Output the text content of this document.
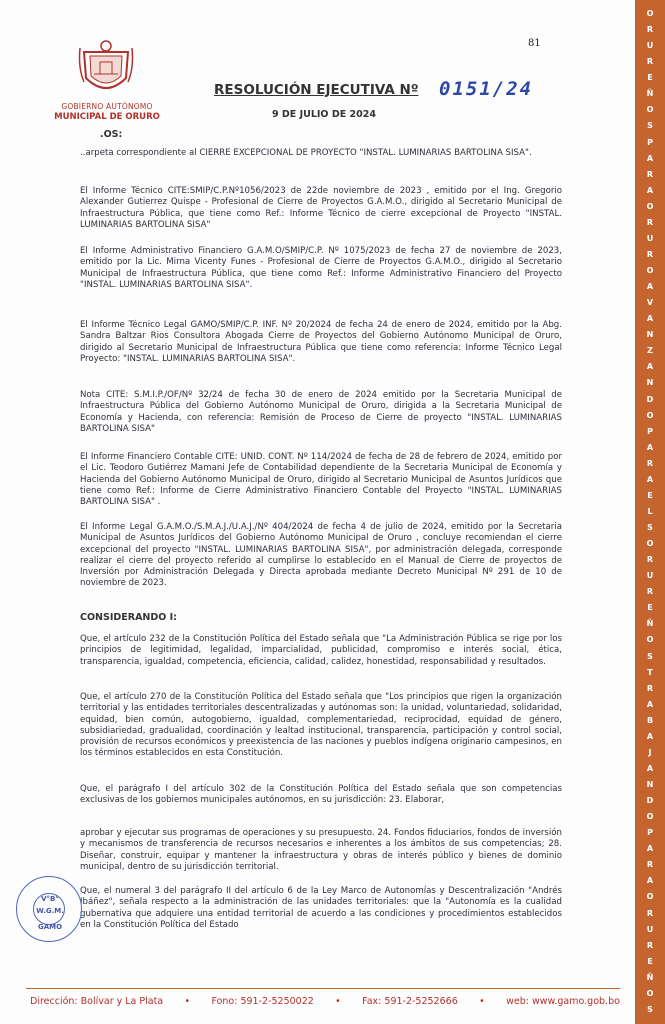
81
GOBIERNO AUTÓNOMO
MUNICIPAL DE ORURO
RESOLUCIÓN EJECUTIVA Nº 0151/24
9 DE JULIO DE 2024
.OS:
..arpeta correspondiente al CIERRE EXCEPCIONAL DE PROYECTO "INSTAL. LUMINARIAS BARTOLINA SISA".
El Informe Técnico CITE:SMIP/C.P.Nº1056/2023 de 22de noviembre de 2023 , emitido por el Ing. Gregorio Alexander Gutierrez Quispe - Profesional de Cierre de Proyectos G.A.M.O., dirigido al Secretario Municipal de Infraestructura Pública, que tiene como Ref.: Informe Técnico de cierre excepcional de Proyecto "INSTAL. LUMINARIAS BARTOLINA SISA"
El Informe Administrativo Financiero G.A.M.O/SMIP/C.P. Nº 1075/2023 de fecha 27 de noviembre de 2023, emitido por la Lic. Mirna Vicenty Funes - Profesional de Cierre de Proyectos G.A.M.O., dirigido al Secretario Municipal de Infraestructura Pública, que tiene como Ref.: Informe Administrativo Financiero del Proyecto "INSTAL. LUMINARIAS BARTOLINA SISA".
El Informe Técnico Legal GAMO/SMIP/C.P. INF. Nº 20/2024 de fecha 24 de enero de 2024, emitido por la Abg. Sandra Baltzar Rios Consultora Abogada Cierre de Proyectos del Gobierno Autónomo Municipal de Oruro, dirigido al Secretario Municipal de Infraestructura Pública que tiene como referencia: Informe Técnico Legal Proyecto: "INSTAL. LUMINARIAS BARTOLINA SISA".
Nota CITE: S.M.I.P./OF/Nº 32/24 de fecha 30 de enero de 2024 emitido por la Secretaria Municipal de Infraestructura Pública del Gobierno Autónomo Municipal de Oruro, dirigida a la Secretaria Municipal de Economía y Hacienda, con referencia: Remisión de Proceso de Cierre de proyecto "INSTAL. LUMINARIAS BARTOLINA SISA"
El Informe Financiero Contable CITE: UNID. CONT. Nº 114/2024 de fecha de 28 de febrero de 2024, emitido por el Lic. Teodoro Gutiérrez Mamani Jefe de Contabilidad dependiente de la Secretaria Municipal de Economía y Hacienda del Gobierno Autónomo Municipal de Oruro, dirigido al Secretario Municipal de Asuntos Jurídicos que tiene como Ref.: Informe de Cierre Administrativo Financiero Contable del Proyecto "INSTAL. LUMINARIAS BARTOLINA SISA" .
El Informe Legal G.A.M.O./S.M.A.J./U.A.J./Nº 404/2024 de fecha 4 de julio de 2024, emitido por la Secretaria Municipal de Asuntos Jurídicos del Gobierno Autónomo Municipal de Oruro , concluye recomiendan el cierre excepcional del proyecto "INSTAL. LUMINARIAS BARTOLINA SISA", por administración delegada, corresponde realizar el cierre del proyecto referido al cumplirse lo establecido en el Manual de Cierre de proyectos de Inversión por Administración Delegada y Directa aprobada mediante Decreto Municipal Nº 291 de 10 de noviembre de 2023.
CONSIDERANDO I:
Que, el artículo 232 de la Constitución Política del Estado señala que "La Administración Pública se rige por los principios de legitimidad, legalidad, imparcialidad, publicidad, compromiso e interés social, ética, transparencia, igualdad, competencia, eficiencia, calidad, calidez, honestidad, responsabilidad y resultados.
Que, el artículo 270 de la Constitución Política del Estado señala que "Los principios que rigen la organización territorial y las entidades territoriales descentralizadas y autónomas son: la unidad, voluntariedad, solidaridad, equidad, bien común, autogobierno, igualdad, complementariedad, reciprocidad, equidad de género, subsidiariedad, gradualidad, coordinación y lealtad institucional, transparencia, participación y control social, provisión de recursos económicos y preexistencia de las naciones y pueblos indígena originario campesinos, en los términos establecidos en esta Constitución.
Que, el parágrafo I del artículo 302 de la Constitución Política del Estado señala que son competencias exclusivas de los gobiernos municipales autónomos, en su jurisdicción: 23. Elaborar,
aprobar y ejecutar sus programas de operaciones y su presupuesto. 24. Fondos fiduciarios, fondos de inversión y mecanismos de transferencia de recursos necesarios e inherentes a los ámbitos de sus competencias; 28. Diseñar, construir, equipar y mantener la infraestructura y obras de interés público y bienes de dominio municipal, dentro de su jurisdicción territorial.
Que, el numeral 3 del parágrafo II del artículo 6 de la Ley Marco de Autonomías y Descentralización "Andrés Ibáñez", señala respecto a la administración de las unidades territoriales: que la "Autonomía es la cualidad gubernativa que adquiere una entidad territorial de acuerdo a las condiciones y procedimientos establecidos en la Constitución Política del Estado
V°B°
W.G.M.
GAMO
Dirección: Bolívar y La Plata • Fono: 591-2-5250022 • Fax: 591-2-5252666 • web: www.gamo.gob.bo
O
R
U
R
E
Ñ
O
S
P
A
R
A
O
R
U
R
O
A
V
A
N
Z
A
N
D
O
P
A
R
A
E
L
S
O
R
U
R
E
Ñ
O
S
T
R
A
B
A
J
A
N
D
O
P
A
R
A
O
R
U
R
E
Ñ
O
S
